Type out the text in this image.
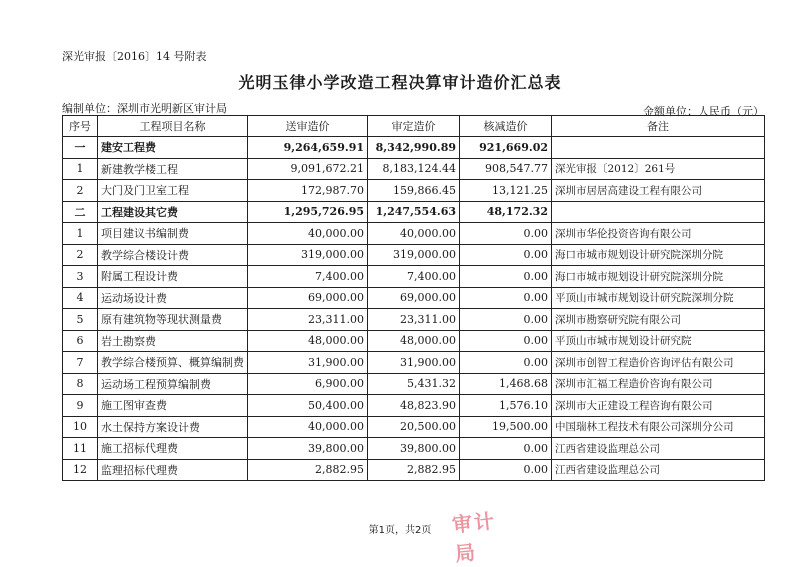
深光审报〔2016〕14 号附表
光明玉律小学改造工程决算审计造价汇总表
编制单位：深圳市光明新区审计局	金额单位：人民币（元）
序号	工程项目名称	送审造价	审定造价	核减造价	备注
一	建安工程费	9,264,659.91	8,342,990.89	921,669.02	
1	新建教学楼工程	9,091,672.21	8,183,124.44	908,547.77	深光审报〔2012〕261号
2	大门及门卫室工程	172,987.70	159,866.45	13,121.25	深圳市居居高建设工程有限公司
二	工程建设其它费	1,295,726.95	1,247,554.63	48,172.32	
1	项目建议书编制费	40,000.00	40,000.00	0.00	深圳市华伦投资咨询有限公司
2	教学综合楼设计费	319,000.00	319,000.00	0.00	海口市城市规划设计研究院深圳分院
3	附属工程设计费	7,400.00	7,400.00	0.00	海口市城市规划设计研究院深圳分院
4	运动场设计费	69,000.00	69,000.00	0.00	平顶山市城市规划设计研究院深圳分院
5	原有建筑物等现状测量费	23,311.00	23,311.00	0.00	深圳市勘察研究院有限公司
6	岩土勘察费	48,000.00	48,000.00	0.00	平顶山市城市规划设计研究院
7	教学综合楼预算、概算编制费	31,900.00	31,900.00	0.00	深圳市创智工程造价咨询评估有限公司
8	运动场工程预算编制费	6,900.00	5,431.32	1,468.68	深圳市汇福工程造价咨询有限公司
9	施工图审查费	50,400.00	48,823.90	1,576.10	深圳市大正建设工程咨询有限公司
10	水土保持方案设计费	40,000.00	20,500.00	19,500.00	中国瑞林工程技术有限公司深圳分公司
11	施工招标代理费	39,800.00	39,800.00	0.00	江西省建设监理总公司
12	监理招标代理费	2,882.95	2,882.95	0.00	江西省建设监理总公司
审计局
第1页，共2页
